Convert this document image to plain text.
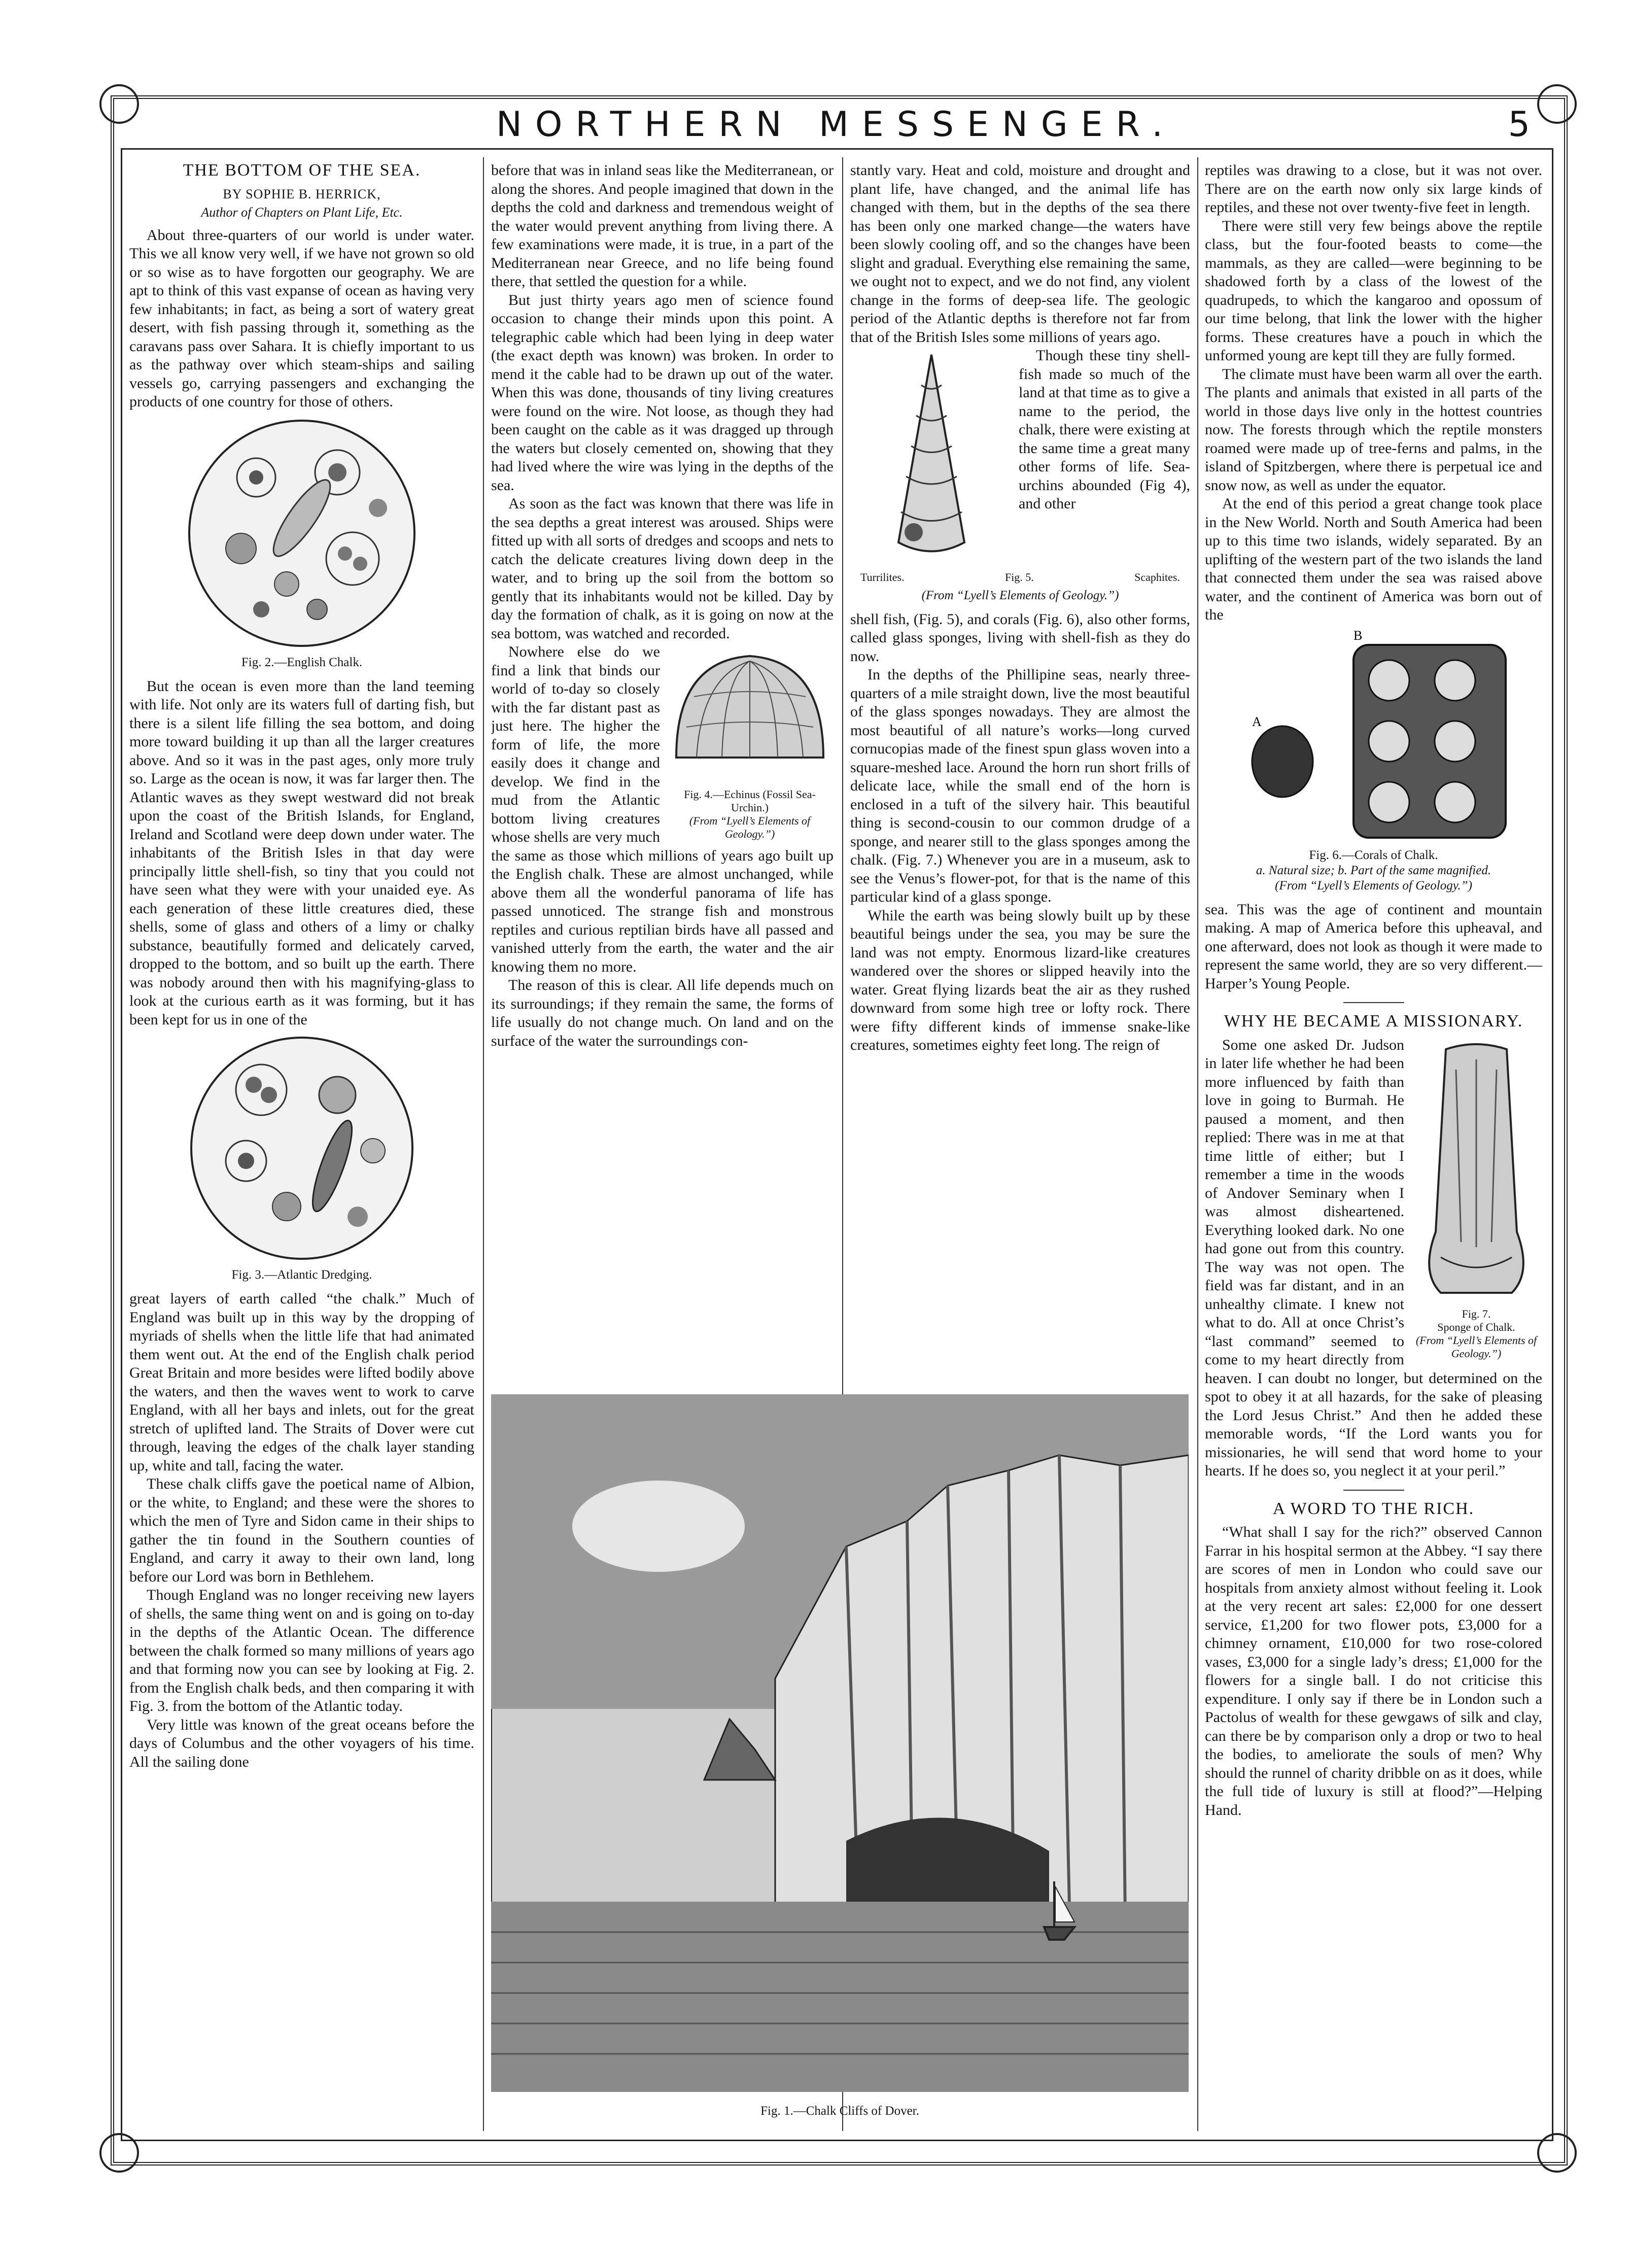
NORTHERN MESSENGER.	5
THE BOTTOM OF THE SEA.
BY SOPHIE B. HERRICK,
Author of Chapters on Plant Life, Etc.

About three-quarters of our world is under water. This we all know very well, if we have not grown so old or so wise as to have forgotten our geography. We are apt to think of this vast expanse of ocean as having very few inhabitants; in fact, as being a sort of watery great desert, with fish passing through it, something as the caravans pass over Sahara. It is chiefly important to us as the pathway over which steam-ships and sailing vessels go, carrying passengers and exchanging the products of one country for those of others.

Fig. 2.—English Chalk.

But the ocean is even more than the land teeming with life. Not only are its waters full of darting fish, but there is a silent life filling the sea bottom, and doing more toward building it up than all the larger creatures above. And so it was in the past ages, only more truly so. Large as the ocean is now, it was far larger then. The Atlantic waves as they swept westward did not break upon the coast of the British Islands, for England, Ireland and Scotland were deep down under water. The inhabitants of the British Isles in that day were principally little shell-fish, so tiny that you could not have seen what they were with your unaided eye. As each generation of these little creatures died, these shells, some of glass and others of a limy or chalky substance, beautifully formed and delicately carved, dropped to the bottom, and so built up the earth. There was nobody around then with his magnifying-glass to look at the curious earth as it was forming, but it has been kept for us in one of the

Fig. 3.—Atlantic Dredging.

great layers of earth called “the chalk.” Much of England was built up in this way by the dropping of myriads of shells when the little life that had animated them went out. At the end of the English chalk period Great Britain and more besides were lifted bodily above the waters, and then the waves went to work to carve England, with all her bays and inlets, out for the great stretch of uplifted land. The Straits of Dover were cut through, leaving the edges of the chalk layer standing up, white and tall, facing the water.

These chalk cliffs gave the poetical name of Albion, or the white, to England; and these were the shores to which the men of Tyre and Sidon came in their ships to gather the tin found in the Southern counties of England, and carry it away to their own land, long before our Lord was born in Bethlehem.

Though England was no longer receiving new layers of shells, the same thing went on and is going on to-day in the depths of the Atlantic Ocean. The difference between the chalk formed so many millions of years ago and that forming now you can see by looking at Fig. 2. from the English chalk beds, and then comparing it with Fig. 3. from the bottom of the Atlantic today.

Very little was known of the great oceans before the days of Columbus and the other voyagers of his time. All the sailing done

before that was in inland seas like the Mediterranean, or along the shores. And people imagined that down in the depths the cold and darkness and tremendous weight of the water would prevent anything from living there. A few examinations were made, it is true, in a part of the Mediterranean near Greece, and no life being found there, that settled the question for a while.

But just thirty years ago men of science found occasion to change their minds upon this point. A telegraphic cable which had been lying in deep water (the exact depth was known) was broken. In order to mend it the cable had to be drawn up out of the water. When this was done, thousands of tiny living creatures were found on the wire. Not loose, as though they had been caught on the cable as it was dragged up through the waters but closely cemented on, showing that they had lived where the wire was lying in the depths of the sea.

As soon as the fact was known that there was life in the sea depths a great interest was aroused. Ships were fitted up with all sorts of dredges and scoops and nets to catch the delicate creatures living down deep in the water, and to bring up the soil from the bottom so gently that its inhabitants would not be killed. Day by day the formation of chalk, as it is going on now at the sea bottom, was watched and recorded.

Fig. 4.—Echinus (Fossil Sea-Urchin.)
(From “Lyell’s Elements of Geology.”)

Nowhere else do we find a link that binds our world of to-day so closely with the far distant past as just here. The higher the form of life, the more easily does it change and develop. We find in the mud from the Atlantic bottom living creatures whose shells are very much the same as those which millions of years ago built up the English chalk. These are almost unchanged, while above them all the wonderful panorama of life has passed unnoticed. The strange fish and monstrous reptiles and curious reptilian birds have all passed and vanished utterly from the earth, the water and the air knowing them no more.

The reason of this is clear. All life depends much on its surroundings; if they remain the same, the forms of life usually do not change much. On land and on the surface of the water the surroundings con-

stantly vary. Heat and cold, moisture and drought and plant life, have changed, and the animal life has changed with them, but in the depths of the sea there has been only one marked change—the waters have been slowly cooling off, and so the changes have been slight and gradual. Everything else remaining the same, we ought not to expect, and we do not find, any violent change in the forms of deep-sea life. The geologic period of the Atlantic depths is therefore not far from that of the British Isles some millions of years ago.

Though these tiny shell-fish made so much of the land at that time as to give a name to the period, the chalk, there were existing at the same time a great many other forms of life. Sea-urchins abounded (Fig 4), and other

Turrilites.	Fig. 5.	Scaphites.
(From “Lyell’s Elements of Geology.”)

shell fish, (Fig. 5), and corals (Fig. 6), also other forms, called glass sponges, living with shell-fish as they do now.

In the depths of the Phillipine seas, nearly three-quarters of a mile straight down, live the most beautiful of the glass sponges nowadays. They are almost the most beautiful of all nature’s works—long curved cornucopias made of the finest spun glass woven into a square-meshed lace. Around the horn run short frills of delicate lace, while the small end of the horn is enclosed in a tuft of the silvery hair. This beautiful thing is second-cousin to our common drudge of a sponge, and nearer still to the glass sponges among the chalk. (Fig. 7.) Whenever you are in a museum, ask to see the Venus’s flower-pot, for that is the name of this particular kind of a glass sponge.

While the earth was being slowly built up by these beautiful beings under the sea, you may be sure the land was not empty. Enormous lizard-like creatures wandered over the shores or slipped heavily into the water. Great flying lizards beat the air as they rushed downward from some high tree or lofty rock. There were fifty different kinds of immense snake-like creatures, sometimes eighty feet long. The reign of

Fig. 1.—Chalk Cliffs of Dover.

reptiles was drawing to a close, but it was not over. There are on the earth now only six large kinds of reptiles, and these not over twenty-five feet in length.

There were still very few beings above the reptile class, but the four-footed beasts to come—the mammals, as they are called—were beginning to be shadowed forth by a class of the lowest of the quadrupeds, to which the kangaroo and opossum of our time belong, that link the lower with the higher forms. These creatures have a pouch in which the unformed young are kept till they are fully formed.

The climate must have been warm all over the earth. The plants and animals that existed in all parts of the world in those days live only in the hottest countries now. The forests through which the reptile monsters roamed were made up of tree-ferns and palms, in the island of Spitzbergen, where there is perpetual ice and snow now, as well as under the equator.

At the end of this period a great change took place in the New World. North and South America had been up to this time two islands, widely separated. By an uplifting of the western part of the two islands the land that connected them under the sea was raised above water, and the continent of America was born out of the

A
B
Fig. 6.—Corals of Chalk.
a. Natural size; b. Part of the same magnified.
(From “Lyell’s Elements of Geology.”)

sea. This was the age of continent and mountain making. A map of America before this upheaval, and one afterward, does not look as though it were made to represent the same world, they are so very different.—Harper’s Young People.

WHY HE BECAME A MISSIONARY.
Fig. 7.
Sponge of Chalk.
(From “Lyell’s Elements of Geology.”)

Some one asked Dr. Judson in later life whether he had been more influenced by faith than love in going to Burmah. He paused a moment, and then replied: There was in me at that time little of either; but I remember a time in the woods of Andover Seminary when I was almost disheartened. Everything looked dark. No one had gone out from this country. The way was not open. The field was far distant, and in an unhealthy climate. I knew not what to do. All at once Christ’s “last command” seemed to come to my heart directly from heaven. I can doubt no longer, but determined on the spot to obey it at all hazards, for the sake of pleasing the Lord Jesus Christ.” And then he added these memorable words, “If the Lord wants you for missionaries, he will send that word home to your hearts. If he does so, you neglect it at your peril.”

A WORD TO THE RICH.

“What shall I say for the rich?” observed Cannon Farrar in his hospital sermon at the Abbey. “I say there are scores of men in London who could save our hospitals from anxiety almost without feeling it. Look at the very recent art sales: £2,000 for one dessert service, £1,200 for two flower pots, £3,000 for a chimney ornament, £10,000 for two rose-colored vases, £3,000 for a single lady’s dress; £1,000 for the flowers for a single ball. I do not criticise this expenditure. I only say if there be in London such a Pactolus of wealth for these gewgaws of silk and clay, can there be by comparison only a drop or two to heal the bodies, to ameliorate the souls of men? Why should the runnel of charity dribble on as it does, while the full tide of luxury is still at flood?”—Helping Hand.
